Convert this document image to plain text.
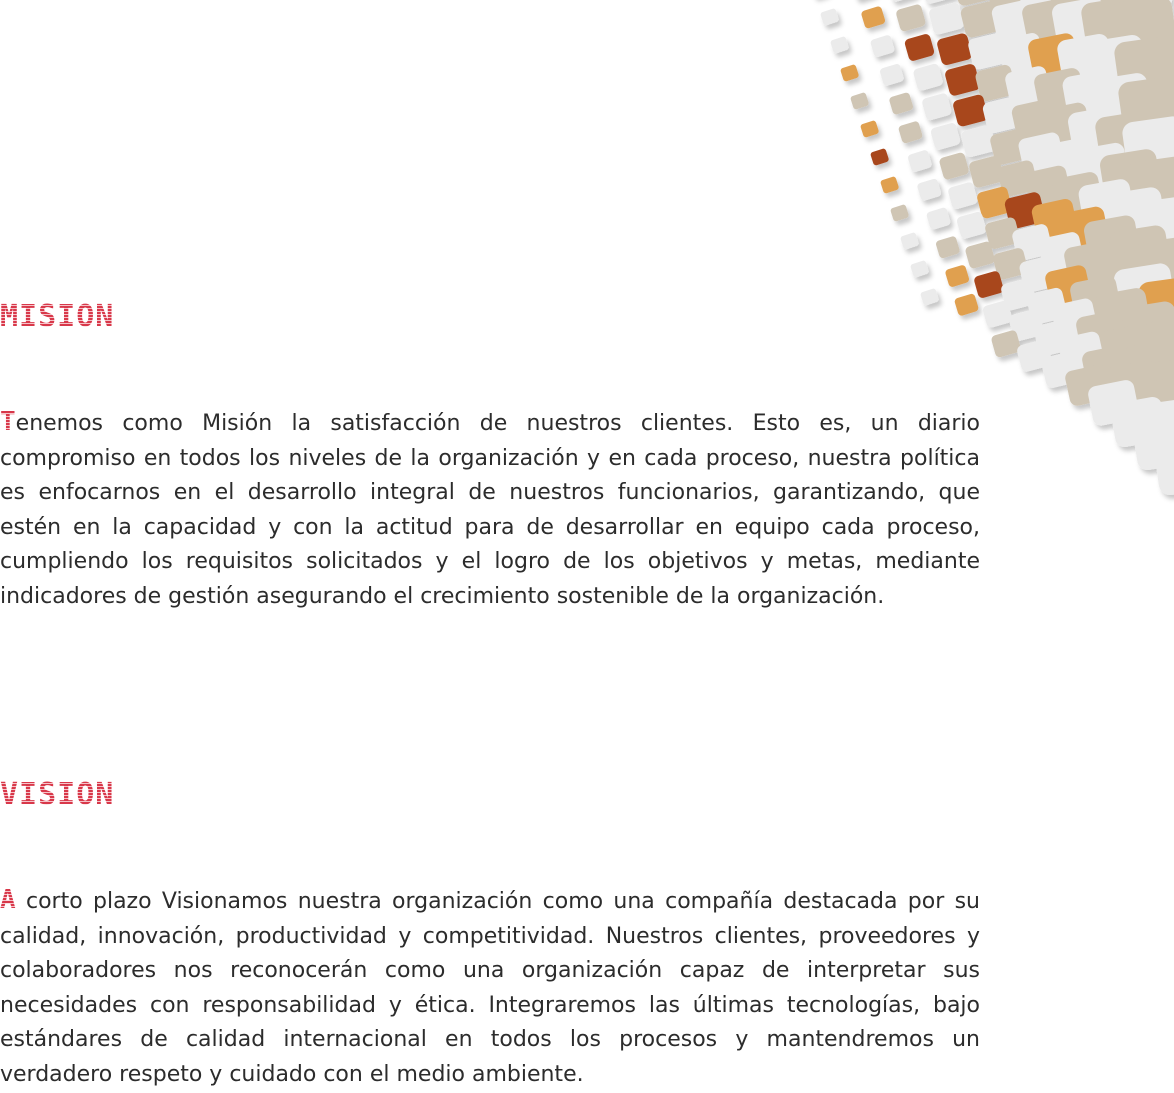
MISIÓN

Tenemos como Misión la satisfacción de nuestros clientes. Esto es, un diario compromiso en todos los niveles de la organización y en cada proceso, nuestra política es enfocarnos en el desarrollo integral de nuestros funcionarios, garantizando, que estén en la capacidad y con la actitud para de desarrollar en equipo cada proceso, cumpliendo los requisitos solicitados y el logro de los objetivos y metas, mediante indicadores de gestión asegurando el crecimiento sostenible de la organización.

VISIÓN

A corto plazo Visionamos nuestra organización como una compañía destacada por su calidad, innovación, productividad y competitividad. Nuestros clientes, proveedores y colaboradores nos reconocerán como una organización capaz de interpretar sus necesidades con responsabilidad y ética. Integraremos las últimas tecnologías, bajo estándares de calidad internacional en todos los procesos y mantendremos un verdadero respeto y cuidado con el medio ambiente.
